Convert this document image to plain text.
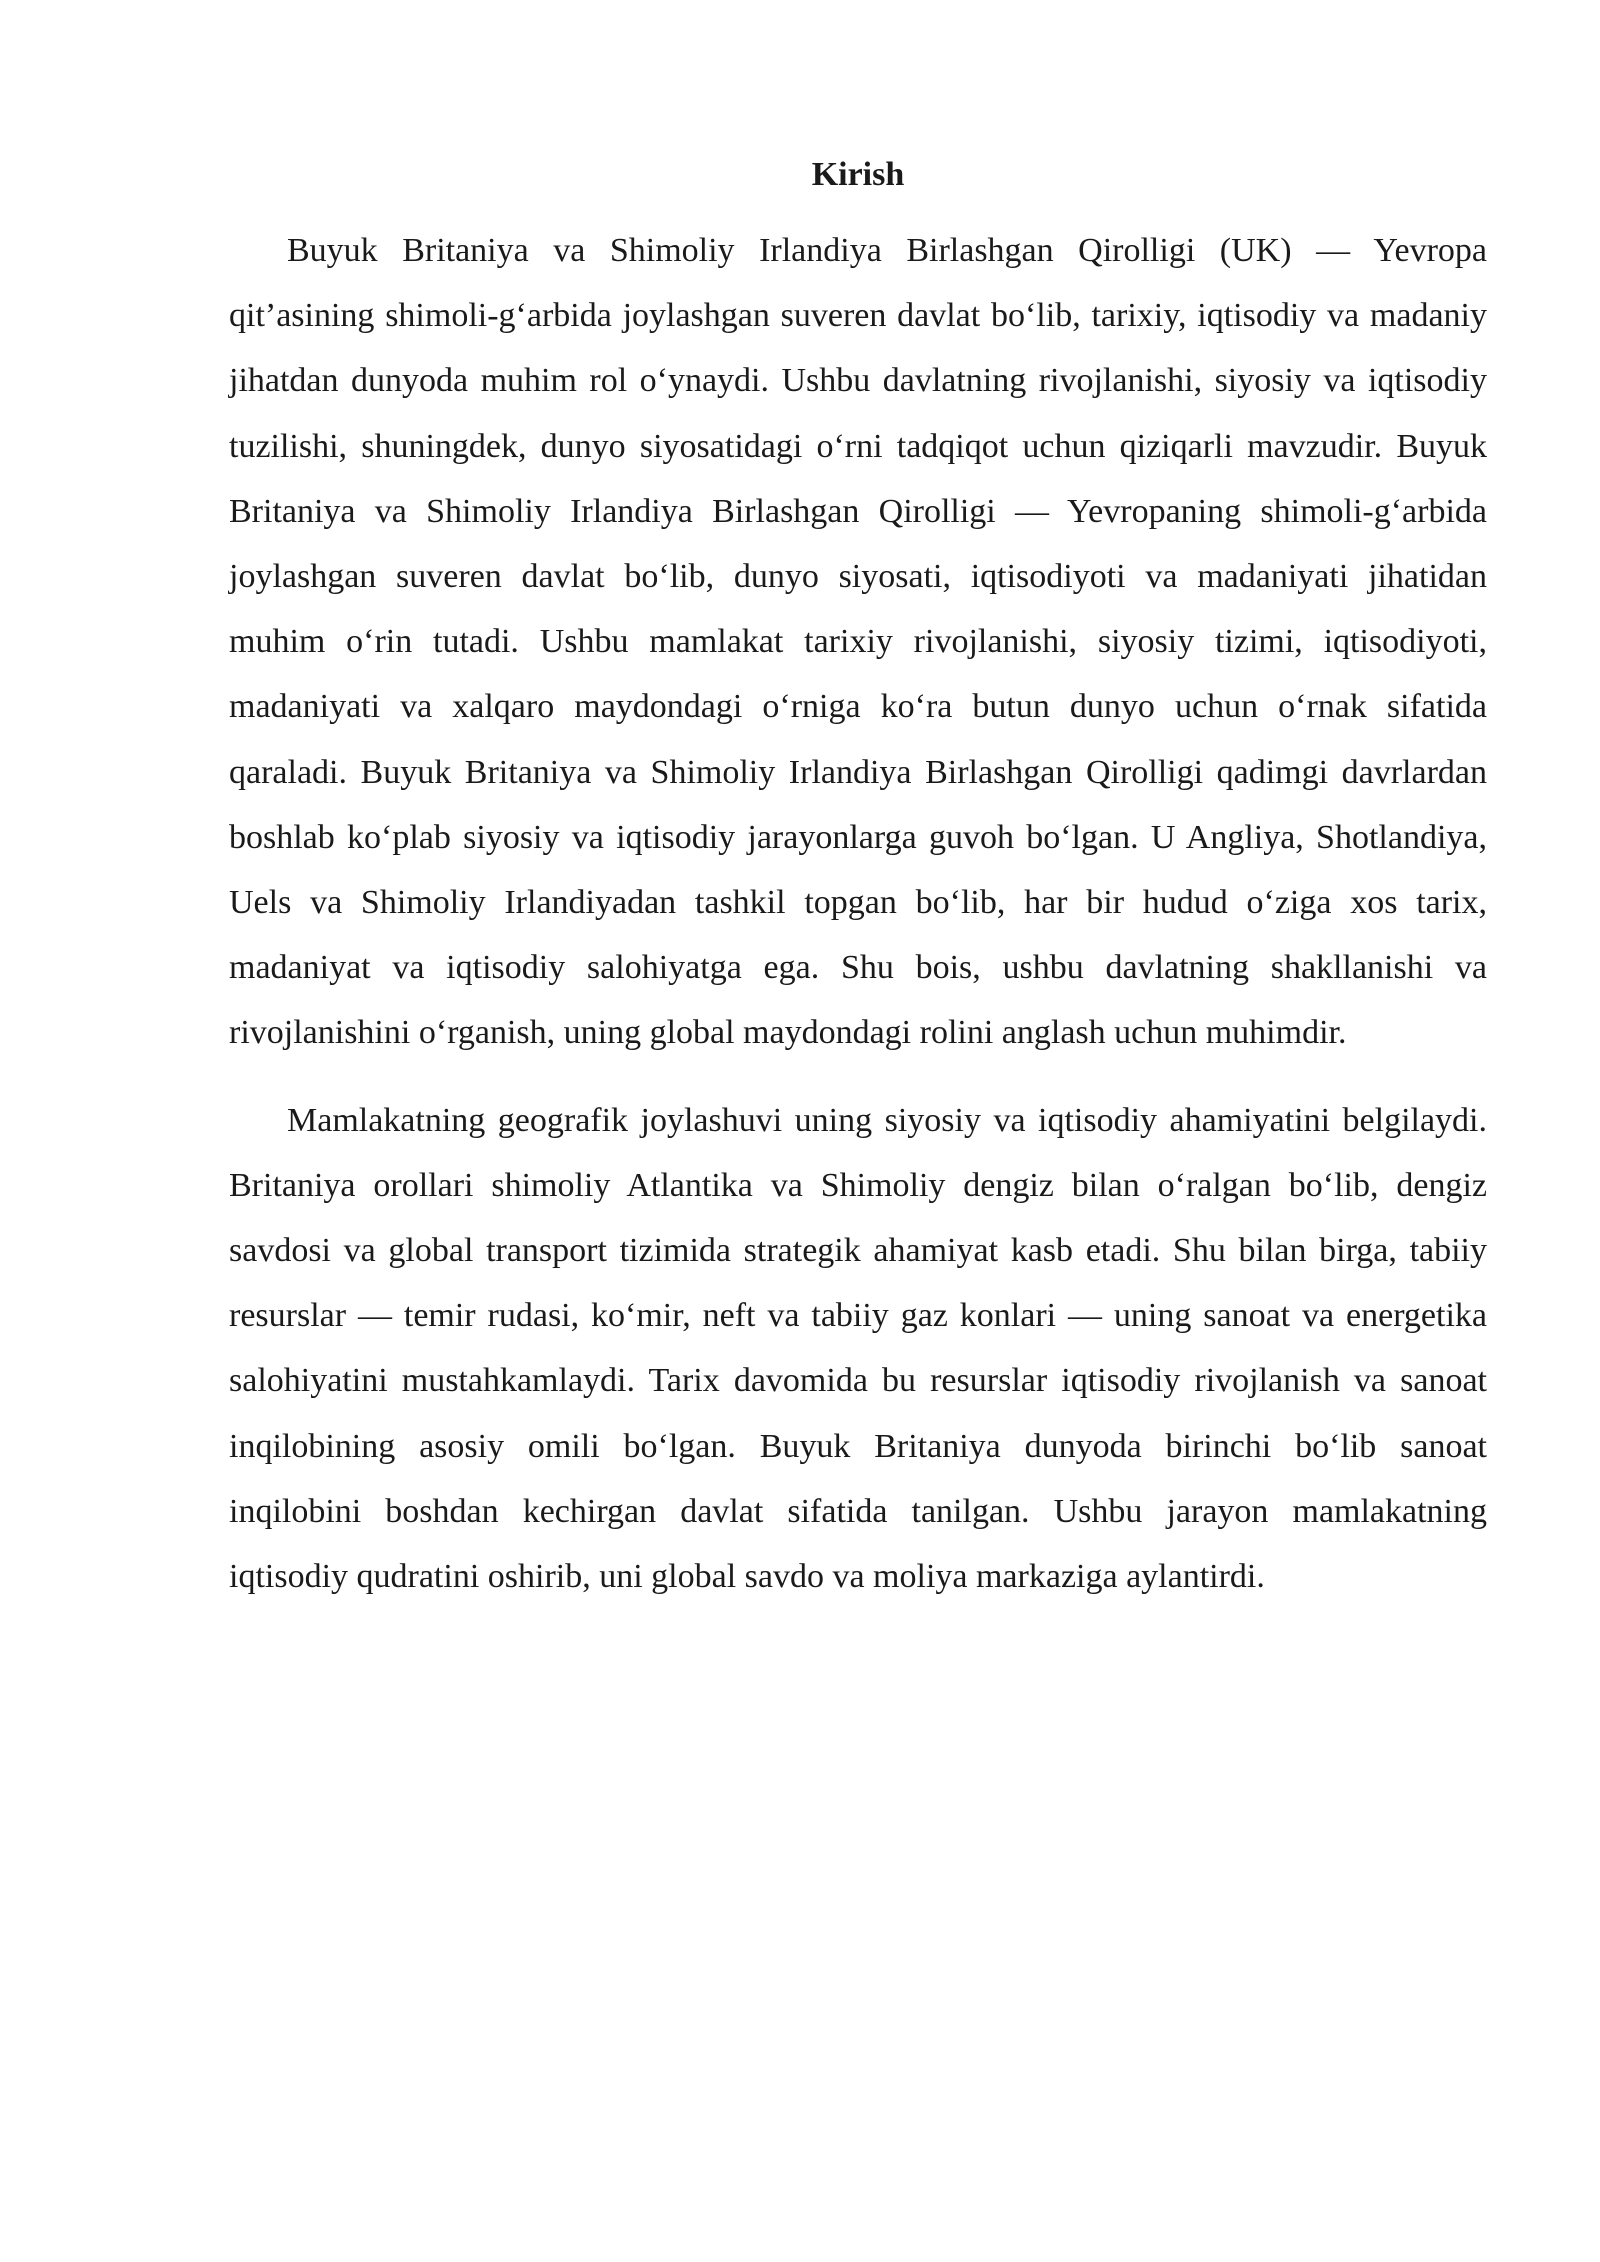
Kirish

Buyuk Britaniya va Shimoliy Irlandiya Birlashgan Qirolligi (UK) — Yevropa qit’asining shimoli-g‘arbida joylashgan suveren davlat bo‘lib, tarixiy, iqtisodiy va madaniy jihatdan dunyoda muhim rol o‘ynaydi. Ushbu davlatning rivojlanishi, siyosiy va iqtisodiy tuzilishi, shuningdek, dunyo siyosatidagi o‘rni tadqiqot uchun qiziqarli mavzudir. Buyuk Britaniya va Shimoliy Irlandiya Birlashgan Qirolligi — Yevropaning shimoli-g‘arbida joylashgan suveren davlat bo‘lib, dunyo siyosati, iqtisodiyoti va madaniyati jihatidan muhim o‘rin tutadi. Ushbu mamlakat tarixiy rivojlanishi, siyosiy tizimi, iqtisodiyoti, madaniyati va xalqaro maydondagi o‘rniga ko‘ra butun dunyo uchun o‘rnak sifatida qaraladi. Buyuk Britaniya va Shimoliy Irlandiya Birlashgan Qirolligi qadimgi davrlardan boshlab ko‘plab siyosiy va iqtisodiy jarayonlarga guvoh bo‘lgan. U Angliya, Shotlandiya, Uels va Shimoliy Irlandiyadan tashkil topgan bo‘lib, har bir hudud o‘ziga xos tarix, madaniyat va iqtisodiy salohiyatga ega. Shu bois, ushbu davlatning shakllanishi va rivojlanishini o‘rganish, uning global maydondagi rolini anglash uchun muhimdir.

Mamlakatning geografik joylashuvi uning siyosiy va iqtisodiy ahamiyatini belgilaydi. Britaniya orollari shimoliy Atlantika va Shimoliy dengiz bilan o‘ralgan bo‘lib, dengiz savdosi va global transport tizimida strategik ahamiyat kasb etadi. Shu bilan birga, tabiiy resurslar — temir rudasi, ko‘mir, neft va tabiiy gaz konlari — uning sanoat va energetika salohiyatini mustahkamlaydi. Tarix davomida bu resurslar iqtisodiy rivojlanish va sanoat inqilobining asosiy omili bo‘lgan. Buyuk Britaniya dunyoda birinchi bo‘lib sanoat inqilobini boshdan kechirgan davlat sifatida tanilgan. Ushbu jarayon mamlakatning iqtisodiy qudratini oshirib, uni global savdo va moliya markaziga aylantirdi.
